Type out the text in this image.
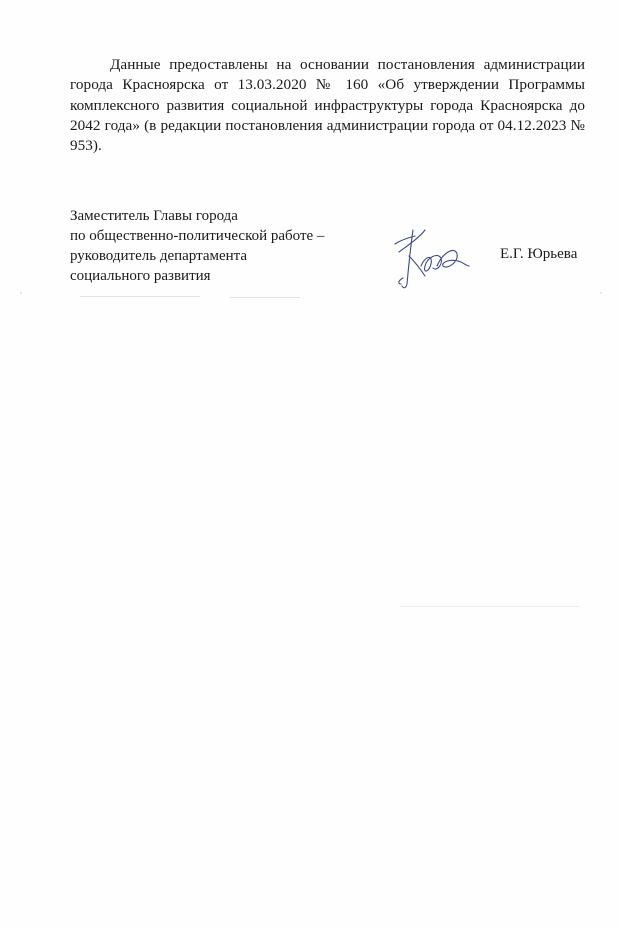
Данные предоставлены на основании постановления администрации города Красноярска от 13.03.2020 № 160 «Об утверждении Программы комплексного развития социальной инфраструктуры города Красноярска до 2042 года» (в редакции постановления администрации города от 04.12.2023 № 953).

Заместитель Главы города
по общественно-политической работе –
руководитель департамента
социального развития
Е.Г. Юрьева
